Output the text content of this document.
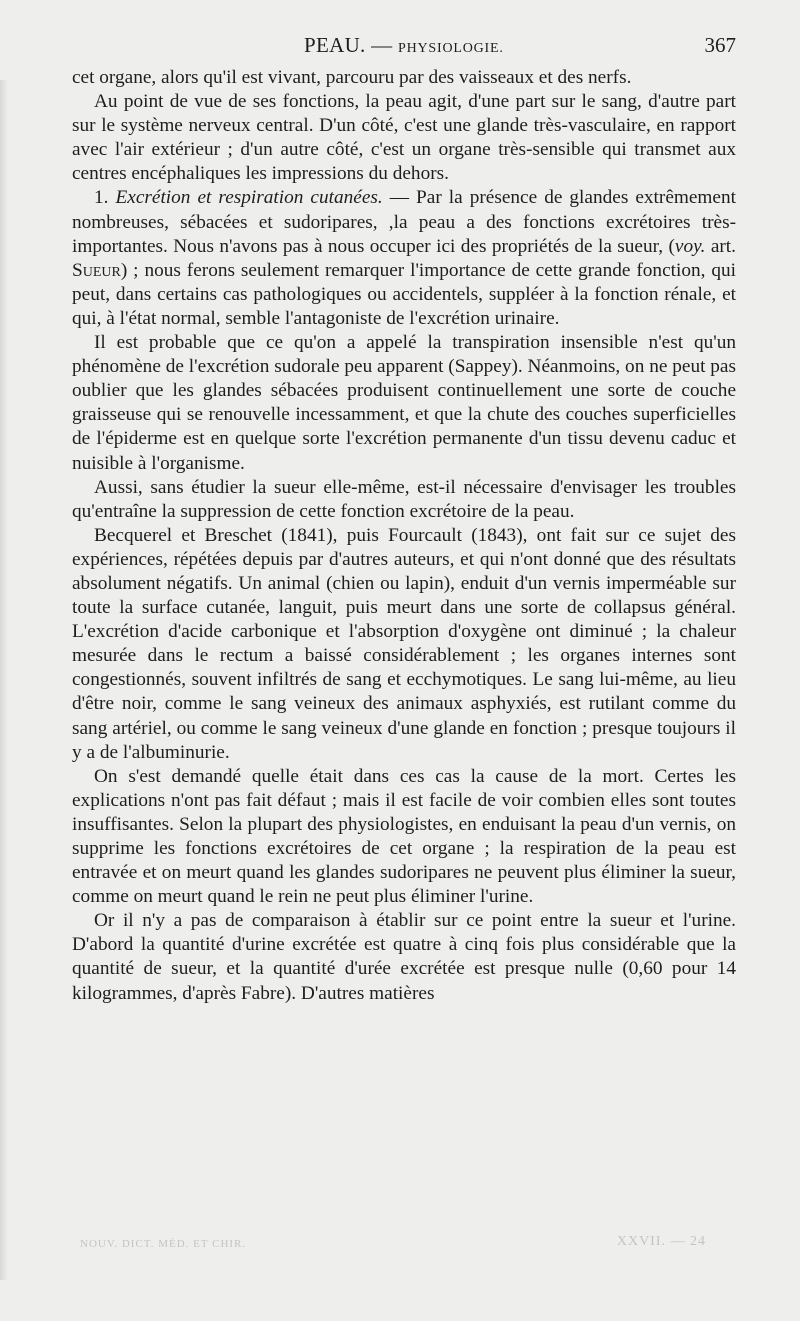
PEAU. — PHYSIOLOGIE.	367

cet organe, alors qu'il est vivant, parcouru par des vaisseaux et des nerfs.

Au point de vue de ses fonctions, la peau agit, d'une part sur le sang, d'autre part sur le système nerveux central. D'un côté, c'est une glande très-vasculaire, en rapport avec l'air extérieur ; d'un autre côté, c'est un organe très-sensible qui transmet aux centres encéphaliques les impressions du dehors.

1. Excrétion et respiration cutanées. — Par la présence de glandes extrêmement nombreuses, sébacées et sudoripares, ,la peau a des fonctions excrétoires très-importantes. Nous n'avons pas à nous occuper ici des propriétés de la sueur, (voy. art. Sueur) ; nous ferons seulement remarquer l'importance de cette grande fonction, qui peut, dans certains cas pathologiques ou accidentels, suppléer à la fonction rénale, et qui, à l'état normal, semble l'antagoniste de l'excrétion urinaire.

Il est probable que ce qu'on a appelé la transpiration insensible n'est qu'un phénomène de l'excrétion sudorale peu apparent (Sappey). Néanmoins, on ne peut pas oublier que les glandes sébacées produisent continuellement une sorte de couche graisseuse qui se renouvelle incessamment, et que la chute des couches superficielles de l'épiderme est en quelque sorte l'excrétion permanente d'un tissu devenu caduc et nuisible à l'organisme.

Aussi, sans étudier la sueur elle-même, est-il nécessaire d'envisager les troubles qu'entraîne la suppression de cette fonction excrétoire de la peau.

Becquerel et Breschet (1841), puis Fourcault (1843), ont fait sur ce sujet des expériences, répétées depuis par d'autres auteurs, et qui n'ont donné que des résultats absolument négatifs. Un animal (chien ou lapin), enduit d'un vernis imperméable sur toute la surface cutanée, languit, puis meurt dans une sorte de collapsus général. L'excrétion d'acide carbonique et l'absorption d'oxygène ont diminué ; la chaleur mesurée dans le rectum a baissé considérablement ; les organes internes sont congestionnés, souvent infiltrés de sang et ecchymotiques. Le sang lui-même, au lieu d'être noir, comme le sang veineux des animaux asphyxiés, est rutilant comme du sang artériel, ou comme le sang veineux d'une glande en fonction ; presque toujours il y a de l'albuminurie.

On s'est demandé quelle était dans ces cas la cause de la mort. Certes les explications n'ont pas fait défaut ; mais il est facile de voir combien elles sont toutes insuffisantes. Selon la plupart des physiologistes, en enduisant la peau d'un vernis, on supprime les fonctions excrétoires de cet organe ; la respiration de la peau est entravée et on meurt quand les glandes sudoripares ne peuvent plus éliminer la sueur, comme on meurt quand le rein ne peut plus éliminer l'urine.

Or il n'y a pas de comparaison à établir sur ce point entre la sueur et l'urine. D'abord la quantité d'urine excrétée est quatre à cinq fois plus considérable que la quantité de sueur, et la quantité d'urée excrétée est presque nulle (0,60 pour 14 kilogrammes, d'après Fabre). D'autres matières

NOUV. DICT. MÉD. ET CHIR.	XXVII. — 24
